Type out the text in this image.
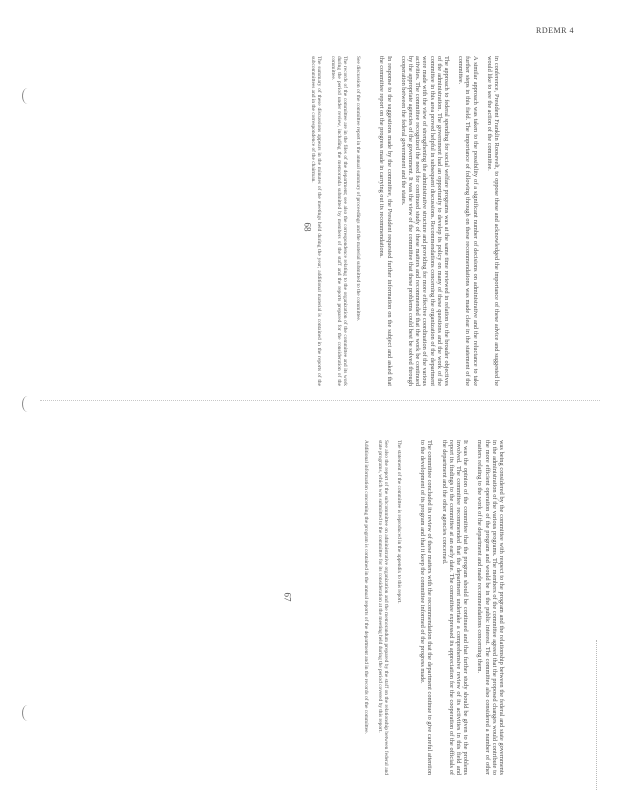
RDEMR 4

in conference, President Franklin Roosevelt, to oppose these and acknowledged the importance of these advice and suggested he would like to see the action of the committee.

A similar approach was taken to the possibility of a significant number of decisions on administrative and the reluctance to take further steps in this field. The importance of following through on these recommendations was made clear in the statement of the committee.

The approach to federal spending for social welfare programs was at the same time reviewed in relation to the broader objectives of the administration. The government had an opportunity to develop its policy on many of these questions and the work of the committee in this area proved helpful in subsequent discussions. Recommendations concerning the organization of the department were made with the view of strengthening the administrative structure and providing for more effective coordination of the various activities. The committee recognized the need for continued study of these matters and recommended that the work be continued by the appropriate agencies of the government. It was the view of the committee that these problems could best be solved through cooperation between the federal government and the states.

In response to the suggestions made by the committee, the President requested further information on the subject and asked that the committee report on the progress made in carrying out its recommendations.

See discussion of the committee report in the annual summary of proceedings and the material submitted to the committee.

The records of the committee are in the files of the department; see also the correspondence relating to the organization of the committee and its work during the period under review, including the memoranda submitted by members of the staff and the reports prepared for the consideration of the committee.

The summary of these discussions appears in the minutes of the meetings held during the year; additional material is contained in the reports of the subcommittees and in the correspondence of the chairman.

68

was being considered by the committee with respect to the program and the relationship between the federal and state governments in the administration of the various programs. The members of the committee agreed that the proposed changes would contribute to the more efficient operation of the program and would be in the public interest. The committee also considered a number of other matters relating to the work of the department and made recommendations concerning them.

It was the opinion of the committee that the program should be continued and that further study should be given to the problems involved. The committee recommended that the department undertake a comprehensive review of its activities in this field and report its findings to the committee at an early date. The committee expressed its appreciation for the cooperation of the officials of the department and the other agencies concerned.

The committee concluded its review of these matters with the recommendation that the department continue to give careful attention to the development of its program and that it keep the committee informed of the progress made.

The statement of the committee is reproduced in the appendix to this report.

See also the report of the subcommittee on administrative organization and the memorandum prepared by the staff on the relationship between federal and state programs, which was submitted to the committee for its consideration at the meeting held during the period covered by this report.

Additional information concerning the program is contained in the annual reports of the department and in the records of the committee.

67
